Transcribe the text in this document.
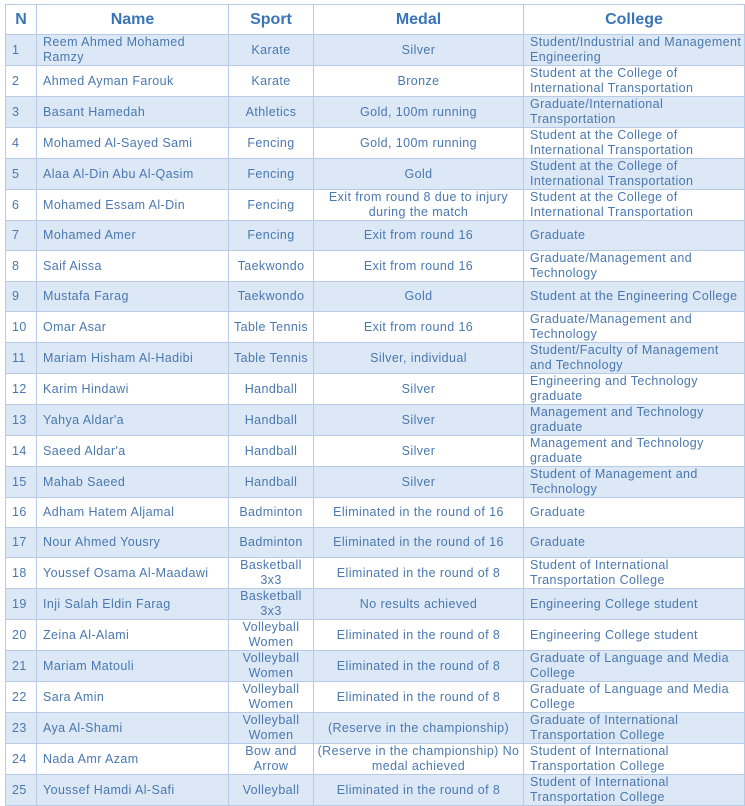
N	Name	Sport	Medal	College
1	Reem Ahmed Mohamed Ramzy	Karate	Silver	Student/Industrial and Management Engineering
2	Ahmed Ayman Farouk	Karate	Bronze	Student at the College of International Transportation
3	Basant Hamedah	Athletics	Gold, 100m running	Graduate/International Transportation
4	Mohamed Al-Sayed Sami	Fencing	Gold, 100m running	Student at the College of International Transportation
5	Alaa Al-Din Abu Al-Qasim	Fencing	Gold	Student at the College of International Transportation
6	Mohamed Essam Al-Din	Fencing	Exit from round 8 due to injury during the match	Student at the College of International Transportation
7	Mohamed Amer	Fencing	Exit from round 16	Graduate
8	Saif Aissa	Taekwondo	Exit from round 16	Graduate/Management and Technology
9	Mustafa Farag	Taekwondo	Gold	Student at the Engineering College
10	Omar Asar	Table Tennis	Exit from round 16	Graduate/Management and Technology
11	Mariam Hisham Al-Hadibi	Table Tennis	Silver, individual	Student/Faculty of Management and Technology
12	Karim Hindawi	Handball	Silver	Engineering and Technology graduate
13	Yahya Aldar'a	Handball	Silver	Management and Technology graduate
14	Saeed Aldar'a	Handball	Silver	Management and Technology graduate
15	Mahab Saeed	Handball	Silver	Student of Management and Technology
16	Adham Hatem Aljamal	Badminton	Eliminated in the round of 16	Graduate
17	Nour Ahmed Yousry	Badminton	Eliminated in the round of 16	Graduate
18	Youssef Osama Al-Maadawi	Basketball 3x3	Eliminated in the round of 8	Student of International Transportation College
19	Inji Salah Eldin Farag	Basketball 3x3	No results achieved	Engineering College student
20	Zeina Al-Alami	Volleyball Women	Eliminated in the round of 8	Engineering College student
21	Mariam Matouli	Volleyball Women	Eliminated in the round of 8	Graduate of Language and Media College
22	Sara Amin	Volleyball Women	Eliminated in the round of 8	Graduate of Language and Media College
23	Aya Al-Shami	Volleyball Women	(Reserve in the championship)	Graduate of International Transportation College
24	Nada Amr Azam	Bow and Arrow	(Reserve in the championship) No medal achieved	Student of International Transportation College
25	Youssef Hamdi Al-Safi	Volleyball	Eliminated in the round of 8	Student of International Transportation College
